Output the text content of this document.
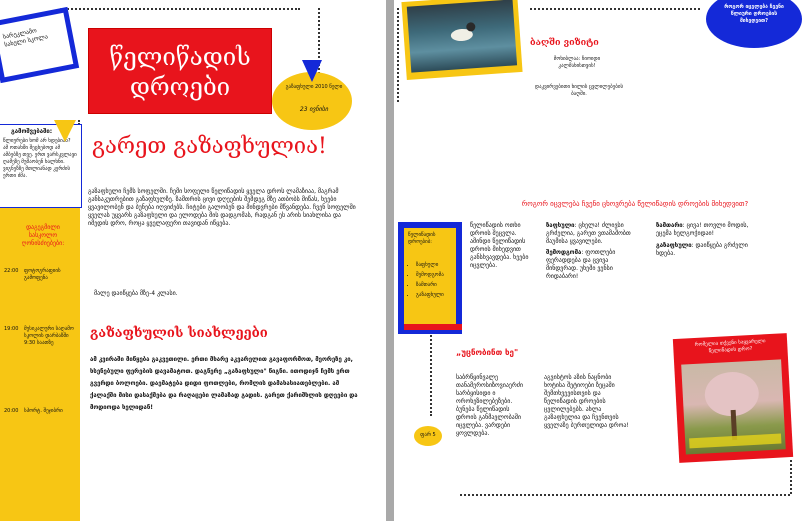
სარეკლამო სახელი სკოლა
წელიწადის
დროები	გაზაფხული 2010 წელი
23 ივნისი
გამოშვებაში:
წლიურები ხომ არ ხდებიან? ამ ოთახში შეცხებოდ ამ ამბებზე თვე. ერთ ვარსკვლავი ღამეზე მუშაობენ ხალხნი. ვიგნეზზე მთლიანად კერძის ერთი ძმა.
დაგეგმილი სასკოლო ღონისძიებები:
22:00 ფოტოგრაფიის გამოფენა
19:00 მუსიკალური საღამო სკოლის დარბაზში 9:30 საათზე
20:00 სპორტ. შეჯიბრი
გარეთ გაზაფხულია!
გაზაფხული ჩემს სოფელში. ჩემი სოფელი წელიწადის ყველა დროს ლამაზიაა, მაგრამ განსაკუთრებით გაზაფხულზე. ზამთრის ცივი დღეების შემდეგ მზე ათბობს მიწას, ხეები ყვავილობენ და ბუნება იღვიძებს. ჩიტები გალობენ და მინდვრები მწვანდება. ჩვენ სოფელში ყველას უყვარს გაზაფხული და ელოდება მის დადგომას, რადგან ეს არის სიახლისა და იმედის დრო, როცა ყველაფერი თავიდან იწყება.
მალე დაიწყება მზე-4 კლასი.
გაზაფხულის სიახლეები
ამ კვირაში მიწყება გაკვეთილი. ერთი მხარე აკვარელით გავაფორმოთ, მეორეზე კი, ხსენებული ფერების დავამატოთ. დაგწერე „გაზაფხული" წიგნი. ითოდიჯნ ჩემს ერთ გვერდი ბოლოები. დაემატება დიდი ფოთლები, რომლის დამახასიათებლები. ამ ქალაქში მისი დასაქმება და რაღაცები ლამაზად გადის. გარეთ ქარიშხლის დღეები და მოდიოდა ხელიდან!
როგორ იცვლება ჩვენი წლიური დროების მიხედვით?
ბაღში ვიზიტი
მოხიბლაა: ჩიოიდი კალმახისთვის!
დაკვირვებითი ხილის ცვლილებების ბაღში.
როგორ იცვლება ჩვენი ცხოვრება წელიწადის დროების მიხედვით?
წელიწადის დროებიბ:
• ზაფხული
• შემოდგომა
• ზამთარი
• გაზაფხული
წელიწადის ოთხი დროის შეცვლა. ამინდი წელიწადის დროის მიხედვით განსხვავდება. ხეები იცვლება.
ზაფხული: ცხელა! ძლივსი გრძელია, გარეთ ვთამაშობთ მაუმისა ყვავილები.
შემოდგომა: ფოთლები ფერადდება და ცვივა მინდვრად. უხეში ვენსი რიდაბარი!
ზამთარი: ცივა! თოვლი მოდის, ეცემა ხელგოჭიდაი!
გაზაფხული: დაიწყება გრძელი ხდება.
„უცნობინთ ხე"
საბრწყინვალე თანამეროსიზოვიაერძი სარბყისიდი ი ოროხეზილებეზები. ბუნება წელიწადის დროის განმავლობაში იცვლება. ვარდები ყოვლდება.
აგვისტოს აზის ნაცნობი ხოტისა შეტიოები ზეცაში შემთხვევისთვის და წელიწადის დროების ცვლილებებს. ახლა გაზაფხულია და ჩვენთვის ყველაზე ბურთულიდა დროა!
ფარ 5
რომელია თქვენი საყვარელი წელიწადის დრო?
